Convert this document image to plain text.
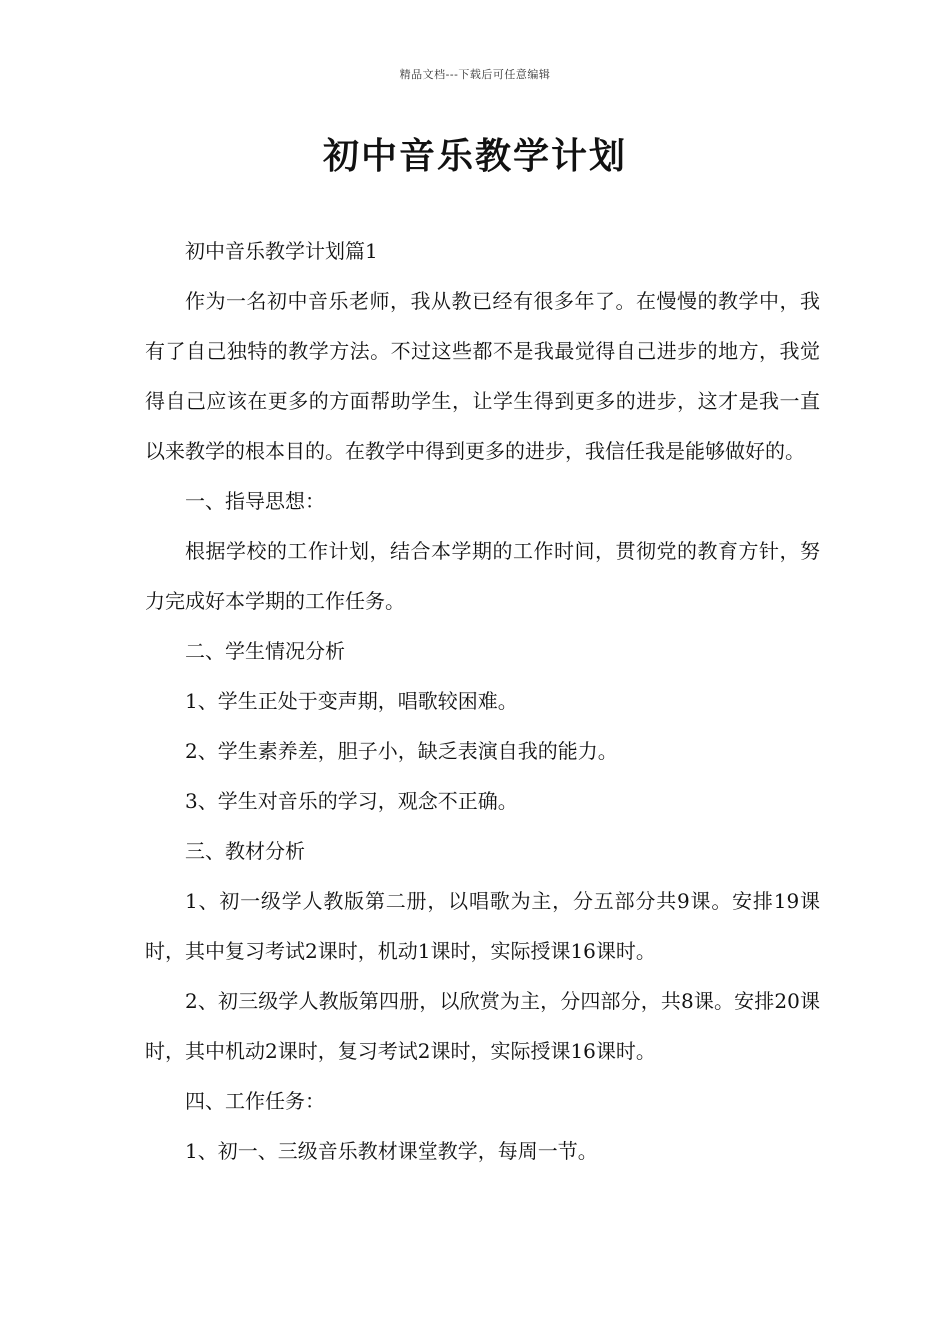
精品文档---下载后可任意编辑
初中音乐教学计划

初中音乐教学计划篇1

作为一名初中音乐老师，我从教已经有很多年了。在慢慢的教学中，我有了自己独特的教学方法。不过这些都不是我最觉得自己进步的地方，我觉得自己应该在更多的方面帮助学生，让学生得到更多的进步，这才是我一直以来教学的根本目的。在教学中得到更多的进步，我信任我是能够做好的。

一、指导思想：

根据学校的工作计划，结合本学期的工作时间，贯彻党的教育方针，努力完成好本学期的工作任务。

二、学生情况分析

1、学生正处于变声期，唱歌较困难。

2、学生素养差，胆子小，缺乏表演自我的能力。

3、学生对音乐的学习，观念不正确。

三、教材分析

1、初一级学人教版第二册，以唱歌为主，分五部分共9课。安排19课时，其中复习考试2课时，机动1课时，实际授课16课时。

2、初三级学人教版第四册，以欣赏为主，分四部分，共8课。安排20课时，其中机动2课时，复习考试2课时，实际授课16课时。

四、工作任务：

1、初一、三级音乐教材课堂教学，每周一节。
